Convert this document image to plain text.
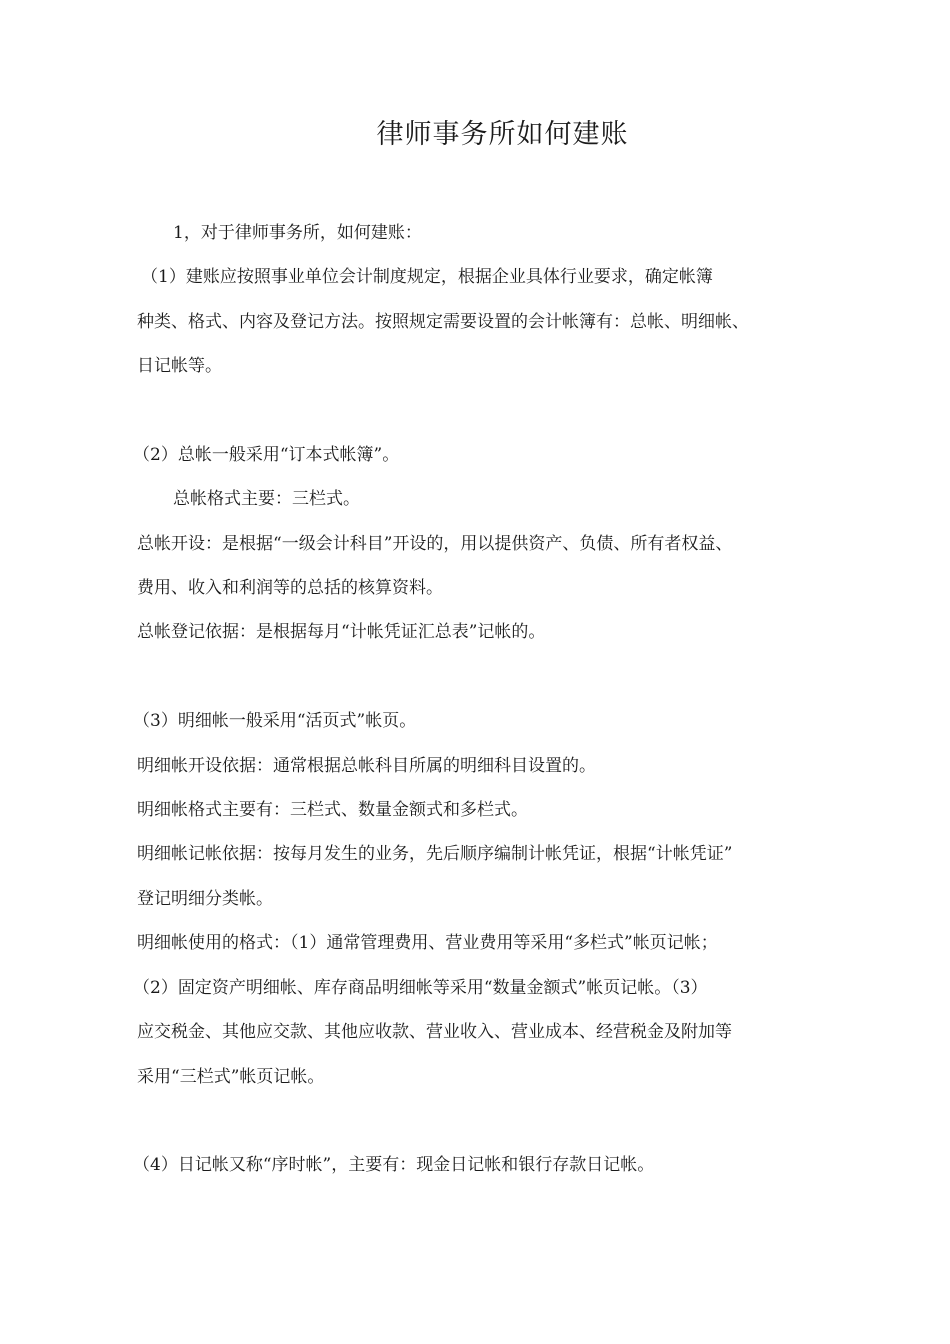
律师事务所如何建账
1，对于律师事务所，如何建账：
（1）建账应按照事业单位会计制度规定，根据企业具体行业要求，确定帐簿
种类、格式、内容及登记方法。按照规定需要设置的会计帐簿有：总帐、明细帐、
日记帐等。
（2）总帐一般采用“订本式帐簿”。
总帐格式主要：三栏式。
总帐开设：是根据“一级会计科目”开设的，用以提供资产、负债、所有者权益、
费用、收入和利润等的总括的核算资料。
总帐登记依据：是根据每月“计帐凭证汇总表”记帐的。
（3）明细帐一般采用“活页式”帐页。
明细帐开设依据：通常根据总帐科目所属的明细科目设置的。
明细帐格式主要有：三栏式、数量金额式和多栏式。
明细帐记帐依据：按每月发生的业务，先后顺序编制计帐凭证，根据“计帐凭证”
登记明细分类帐。
明细帐使用的格式：（1）通常管理费用、营业费用等采用“多栏式”帐页记帐；
（2）固定资产明细帐、库存商品明细帐等采用“数量金额式”帐页记帐。（3）
应交税金、其他应交款、其他应收款、营业收入、营业成本、经营税金及附加等
采用“三栏式”帐页记帐。
（4）日记帐又称“序时帐”，主要有：现金日记帐和银行存款日记帐。
